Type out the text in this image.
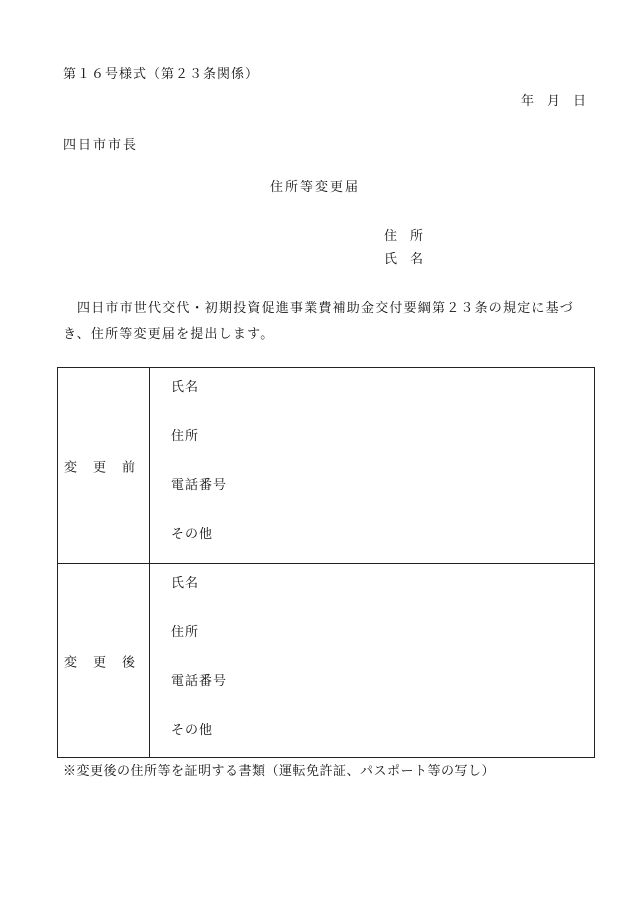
第１６号様式（第２３条関係）
年　月　日
四日市市長
住所等変更届
住　所
氏　名
四日市市世代交代・初期投資促進事業費補助金交付要綱第２３条の規定に基づき、住所等変更届を提出します。
変更前
氏名
住所
電話番号
その他
変更後
氏名
住所
電話番号
その他
※変更後の住所等を証明する書類（運転免許証、パスポート等の写し）
